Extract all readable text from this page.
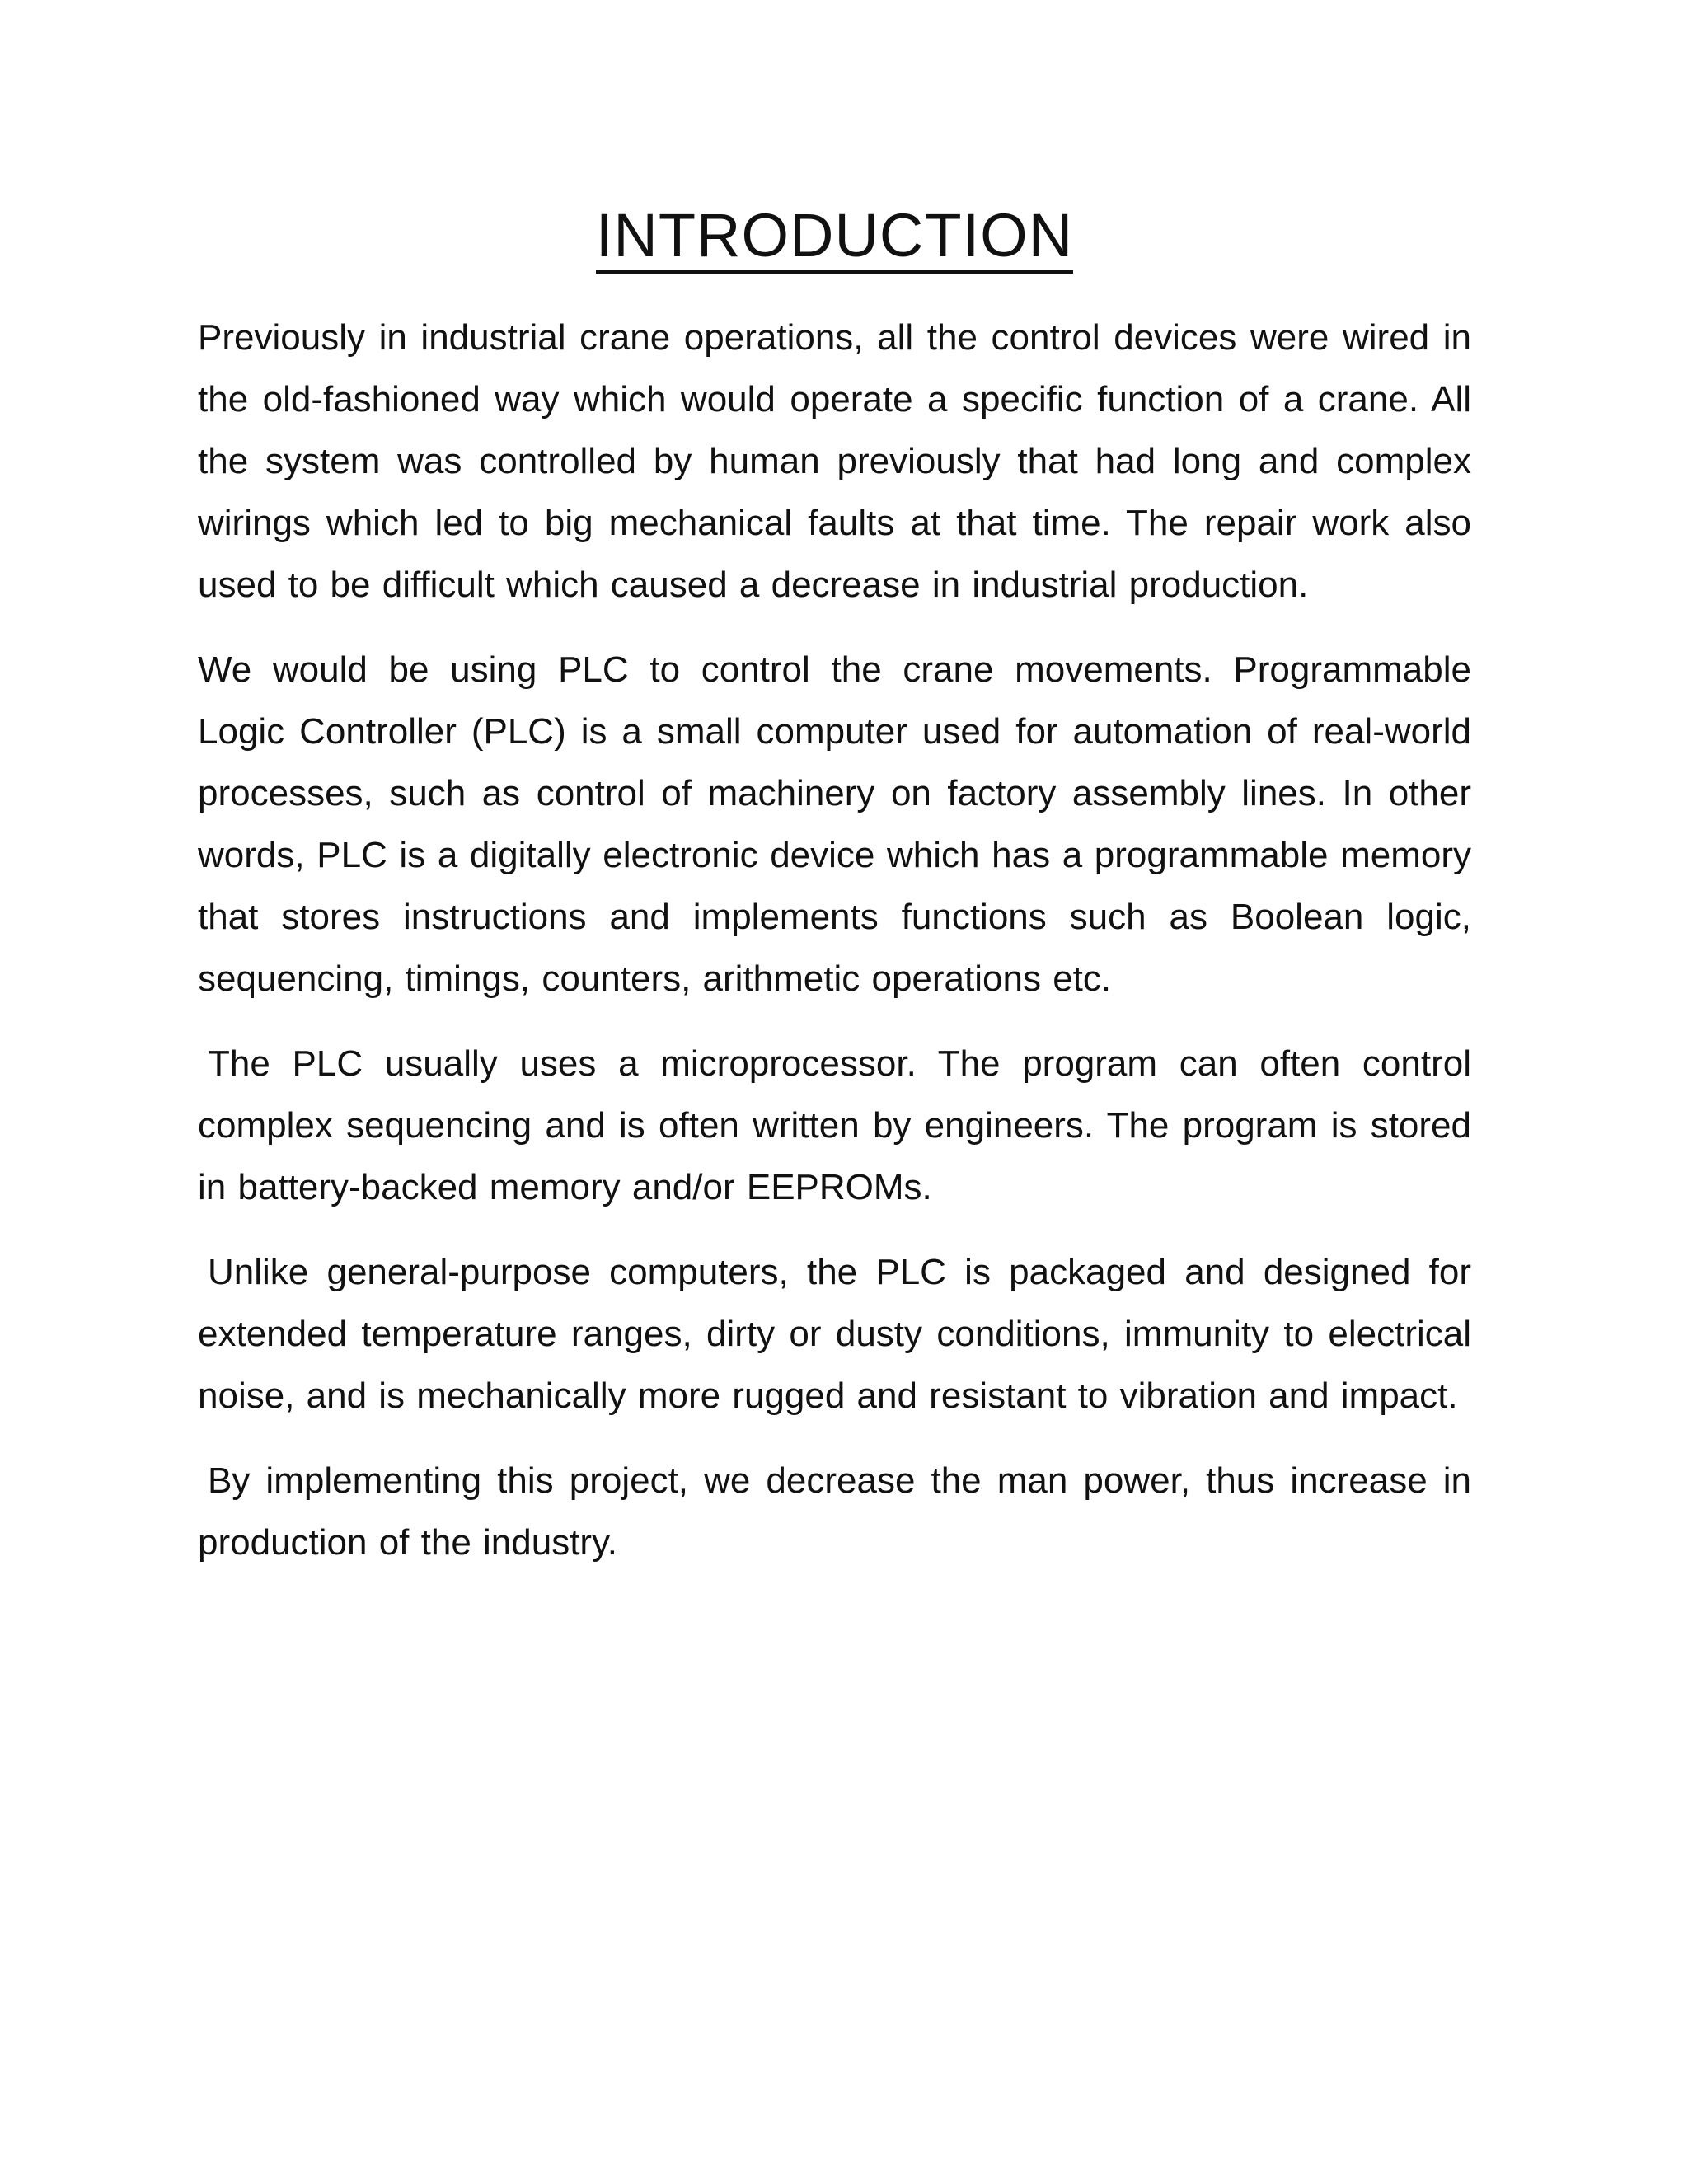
INTRODUCTION

Previously in industrial crane operations, all the control devices were wired in the old-fashioned way which would operate a specific function of a crane. All the system was controlled by human previously that had long and complex wirings which led to big mechanical faults at that time. The repair work also used to be difficult which caused a decrease in industrial production.

We would be using PLC to control the crane movements. Programmable Logic Controller (PLC) is a small computer used for automation of real-world processes, such as control of machinery on factory assembly lines. In other words, PLC is a digitally electronic device which has a programmable memory that stores instructions and implements functions such as Boolean logic, sequencing, timings, counters, arithmetic operations etc.

The PLC usually uses a microprocessor. The program can often control complex sequencing and is often written by engineers. The program is stored in battery-backed memory and/or EEPROMs.

Unlike general-purpose computers, the PLC is packaged and designed for extended temperature ranges, dirty or dusty conditions, immunity to electrical noise, and is mechanically more rugged and resistant to vibration and impact.

By implementing this project, we decrease the man power, thus increase in production of the industry.
